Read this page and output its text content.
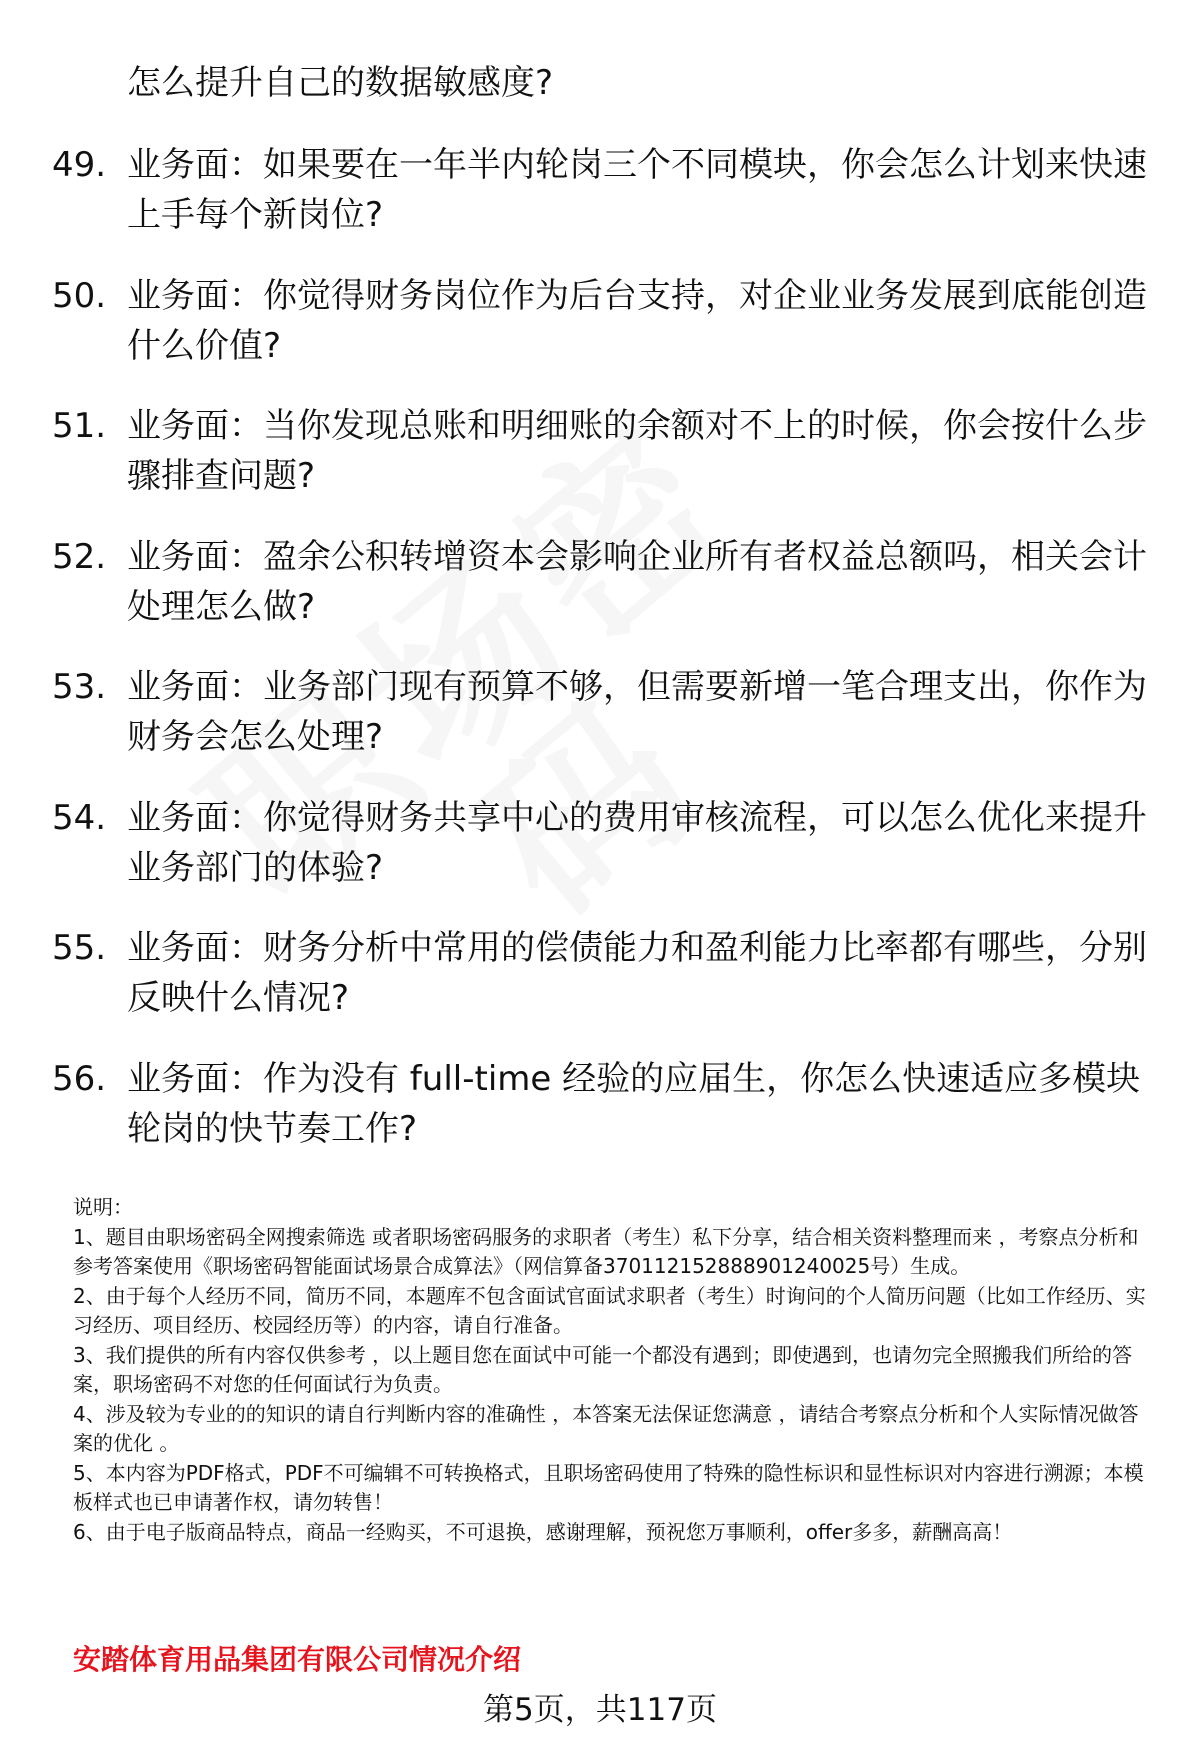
怎么提升自己的数据敏感度?
49. 业务面：如果要在一年半内轮岗三个不同模块，你会怎么计划来快速上手每个新岗位?
50. 业务面：你觉得财务岗位作为后台支持，对企业业务发展到底能创造什么价值?
51. 业务面：当你发现总账和明细账的余额对不上的时候，你会按什么步骤排查问题?
52. 业务面：盈余公积转增资本会影响企业所有者权益总额吗，相关会计处理怎么做?
53. 业务面：业务部门现有预算不够，但需要新增一笔合理支出，你作为财务会怎么处理?
54. 业务面：你觉得财务共享中心的费用审核流程，可以怎么优化来提升业务部门的体验?
55. 业务面：财务分析中常用的偿债能力和盈利能力比率都有哪些，分别反映什么情况?
56. 业务面：作为没有 full-time 经验的应届生，你怎么快速适应多模块轮岗的快节奏工作?

说明：

1、题目由职场密码全网搜索筛选 或者职场密码服务的求职者（考生）私下分享，结合相关资料整理而来 ，考察点分析和参考答案使用《职场密码智能面试场景合成算法》（网信算备370112152888901240025号）生成。

2、由于每个人经历不同，简历不同，本题库不包含面试官面试求职者（考生）时询问的个人简历问题（比如工作经历、实习经历、项目经历、校园经历等）的内容，请自行准备。

3、我们提供的所有内容仅供参考 ，以上题目您在面试中可能一个都没有遇到；即使遇到，也请勿完全照搬我们所给的答案，职场密码不对您的任何面试行为负责。

4、涉及较为专业的的知识的请自行判断内容的准确性 ，本答案无法保证您满意 ，请结合考察点分析和个人实际情况做答案的优化 。

5、本内容为PDF格式，PDF不可编辑不可转换格式，且职场密码使用了特殊的隐性标识和显性标识对内容进行溯源；本模板样式也已申请著作权，请勿转售！

6、由于电子版商品特点，商品一经购买，不可退换，感谢理解，预祝您万事顺利，offer多多，薪酬高高！

安踏体育用品集团有限公司情况介绍
第5页，共117页
